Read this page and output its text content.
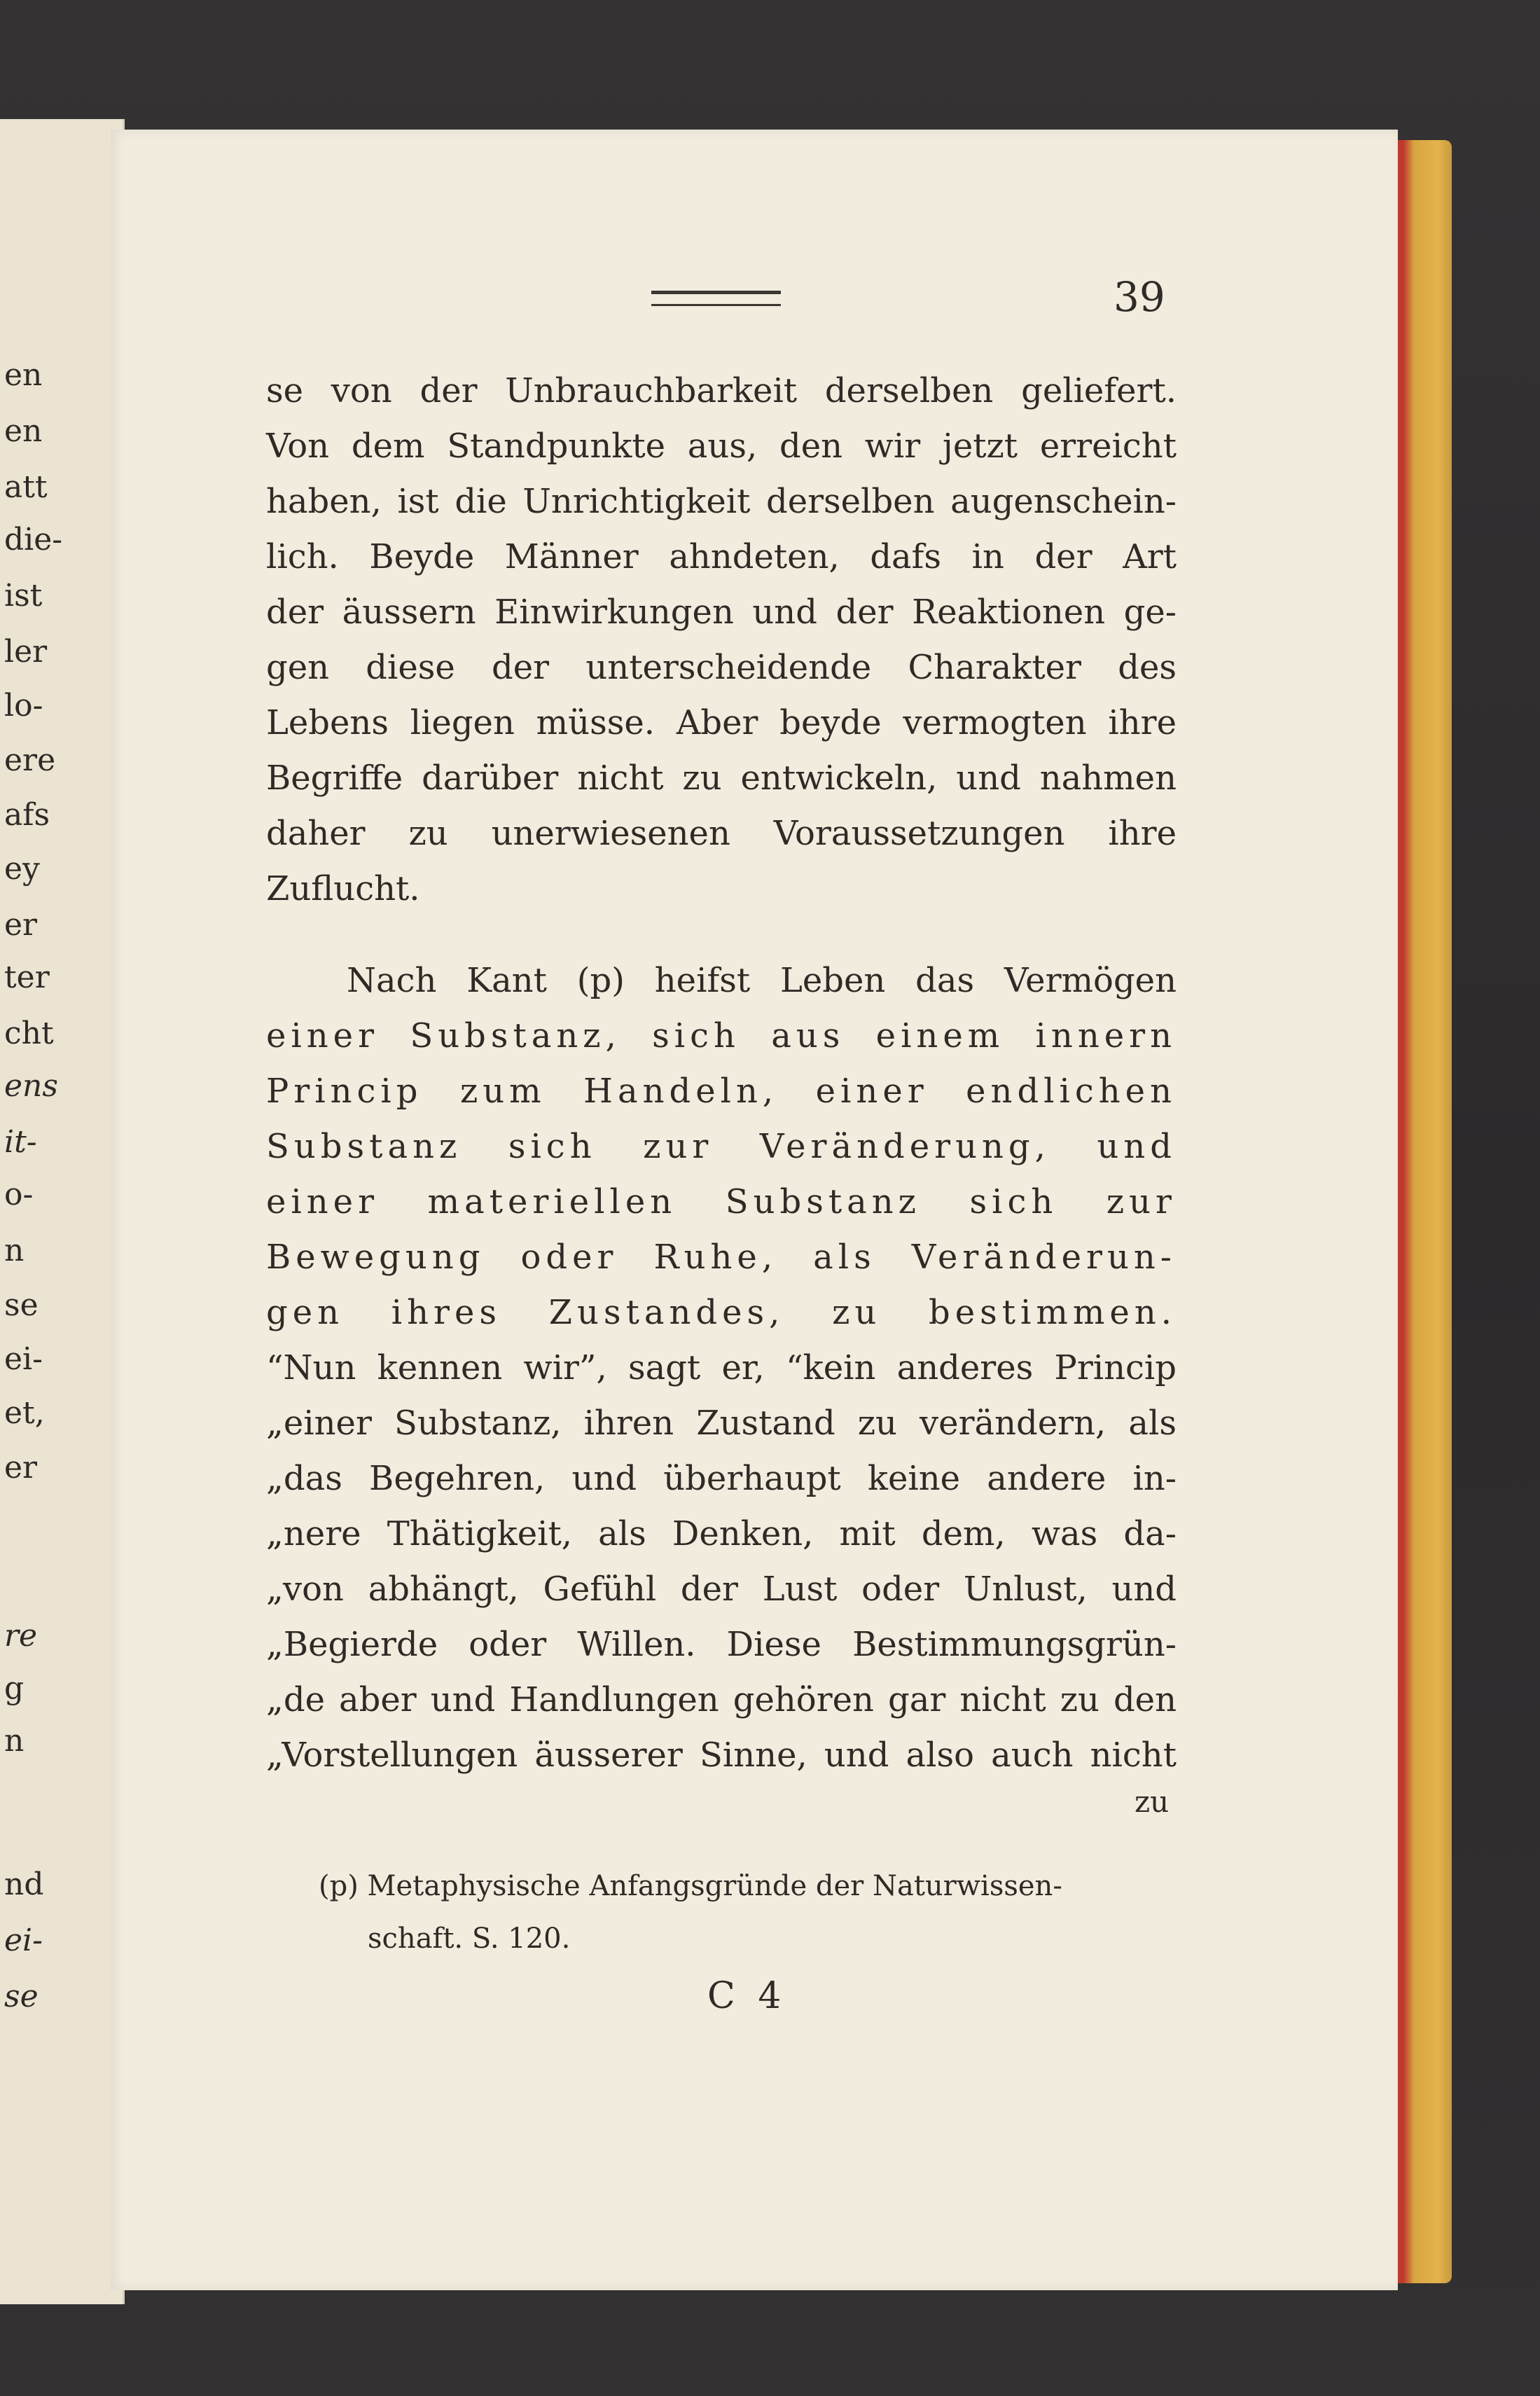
en
en
att
die-
ist
ler
lo-
ere
afs
ey
er
ter
cht
ens
it-
o-
n
se
ei-
et,
er
re
g
n
nd
ei-
se
39
se von der Unbrauchbarkeit derselben geliefert.
Von dem Standpunkte aus, den wir jetzt erreicht
haben, ist die Unrichtigkeit derselben augenschein-
lich. Beyde Männer ahndeten, dafs in der Art
der äussern Einwirkungen und der Reaktionen ge-
gen diese der unterscheidende Charakter des
Lebens liegen müsse. Aber beyde vermogten ihre
Begriffe darüber nicht zu entwickeln, und nahmen
daher zu unerwiesenen Voraussetzungen ihre
Zuflucht.
Nach Kant (p) heifst Leben das Vermögen
einer Substanz, sich aus einem innern
Princip zum Handeln, einer endlichen
Substanz sich zur Veränderung, und
einer materiellen Substanz sich zur
Bewegung oder Ruhe, als Veränderun-
gen ihres Zustandes, zu bestimmen.
“Nun kennen wir”, sagt er, “kein anderes Princip
„einer Substanz, ihren Zustand zu verändern, als
„das Begehren, und überhaupt keine andere in-
„nere Thätigkeit, als Denken, mit dem, was da-
„von abhängt, Gefühl der Lust oder Unlust, und
„Begierde oder Willen. Diese Bestimmungsgrün-
„de aber und Handlungen gehören gar nicht zu den
„Vorstellungen äusserer Sinne, und also auch nicht
zu
(p) Metaphysische Anfangsgründe der Naturwissen-
schaft. S. 120.
C 4
